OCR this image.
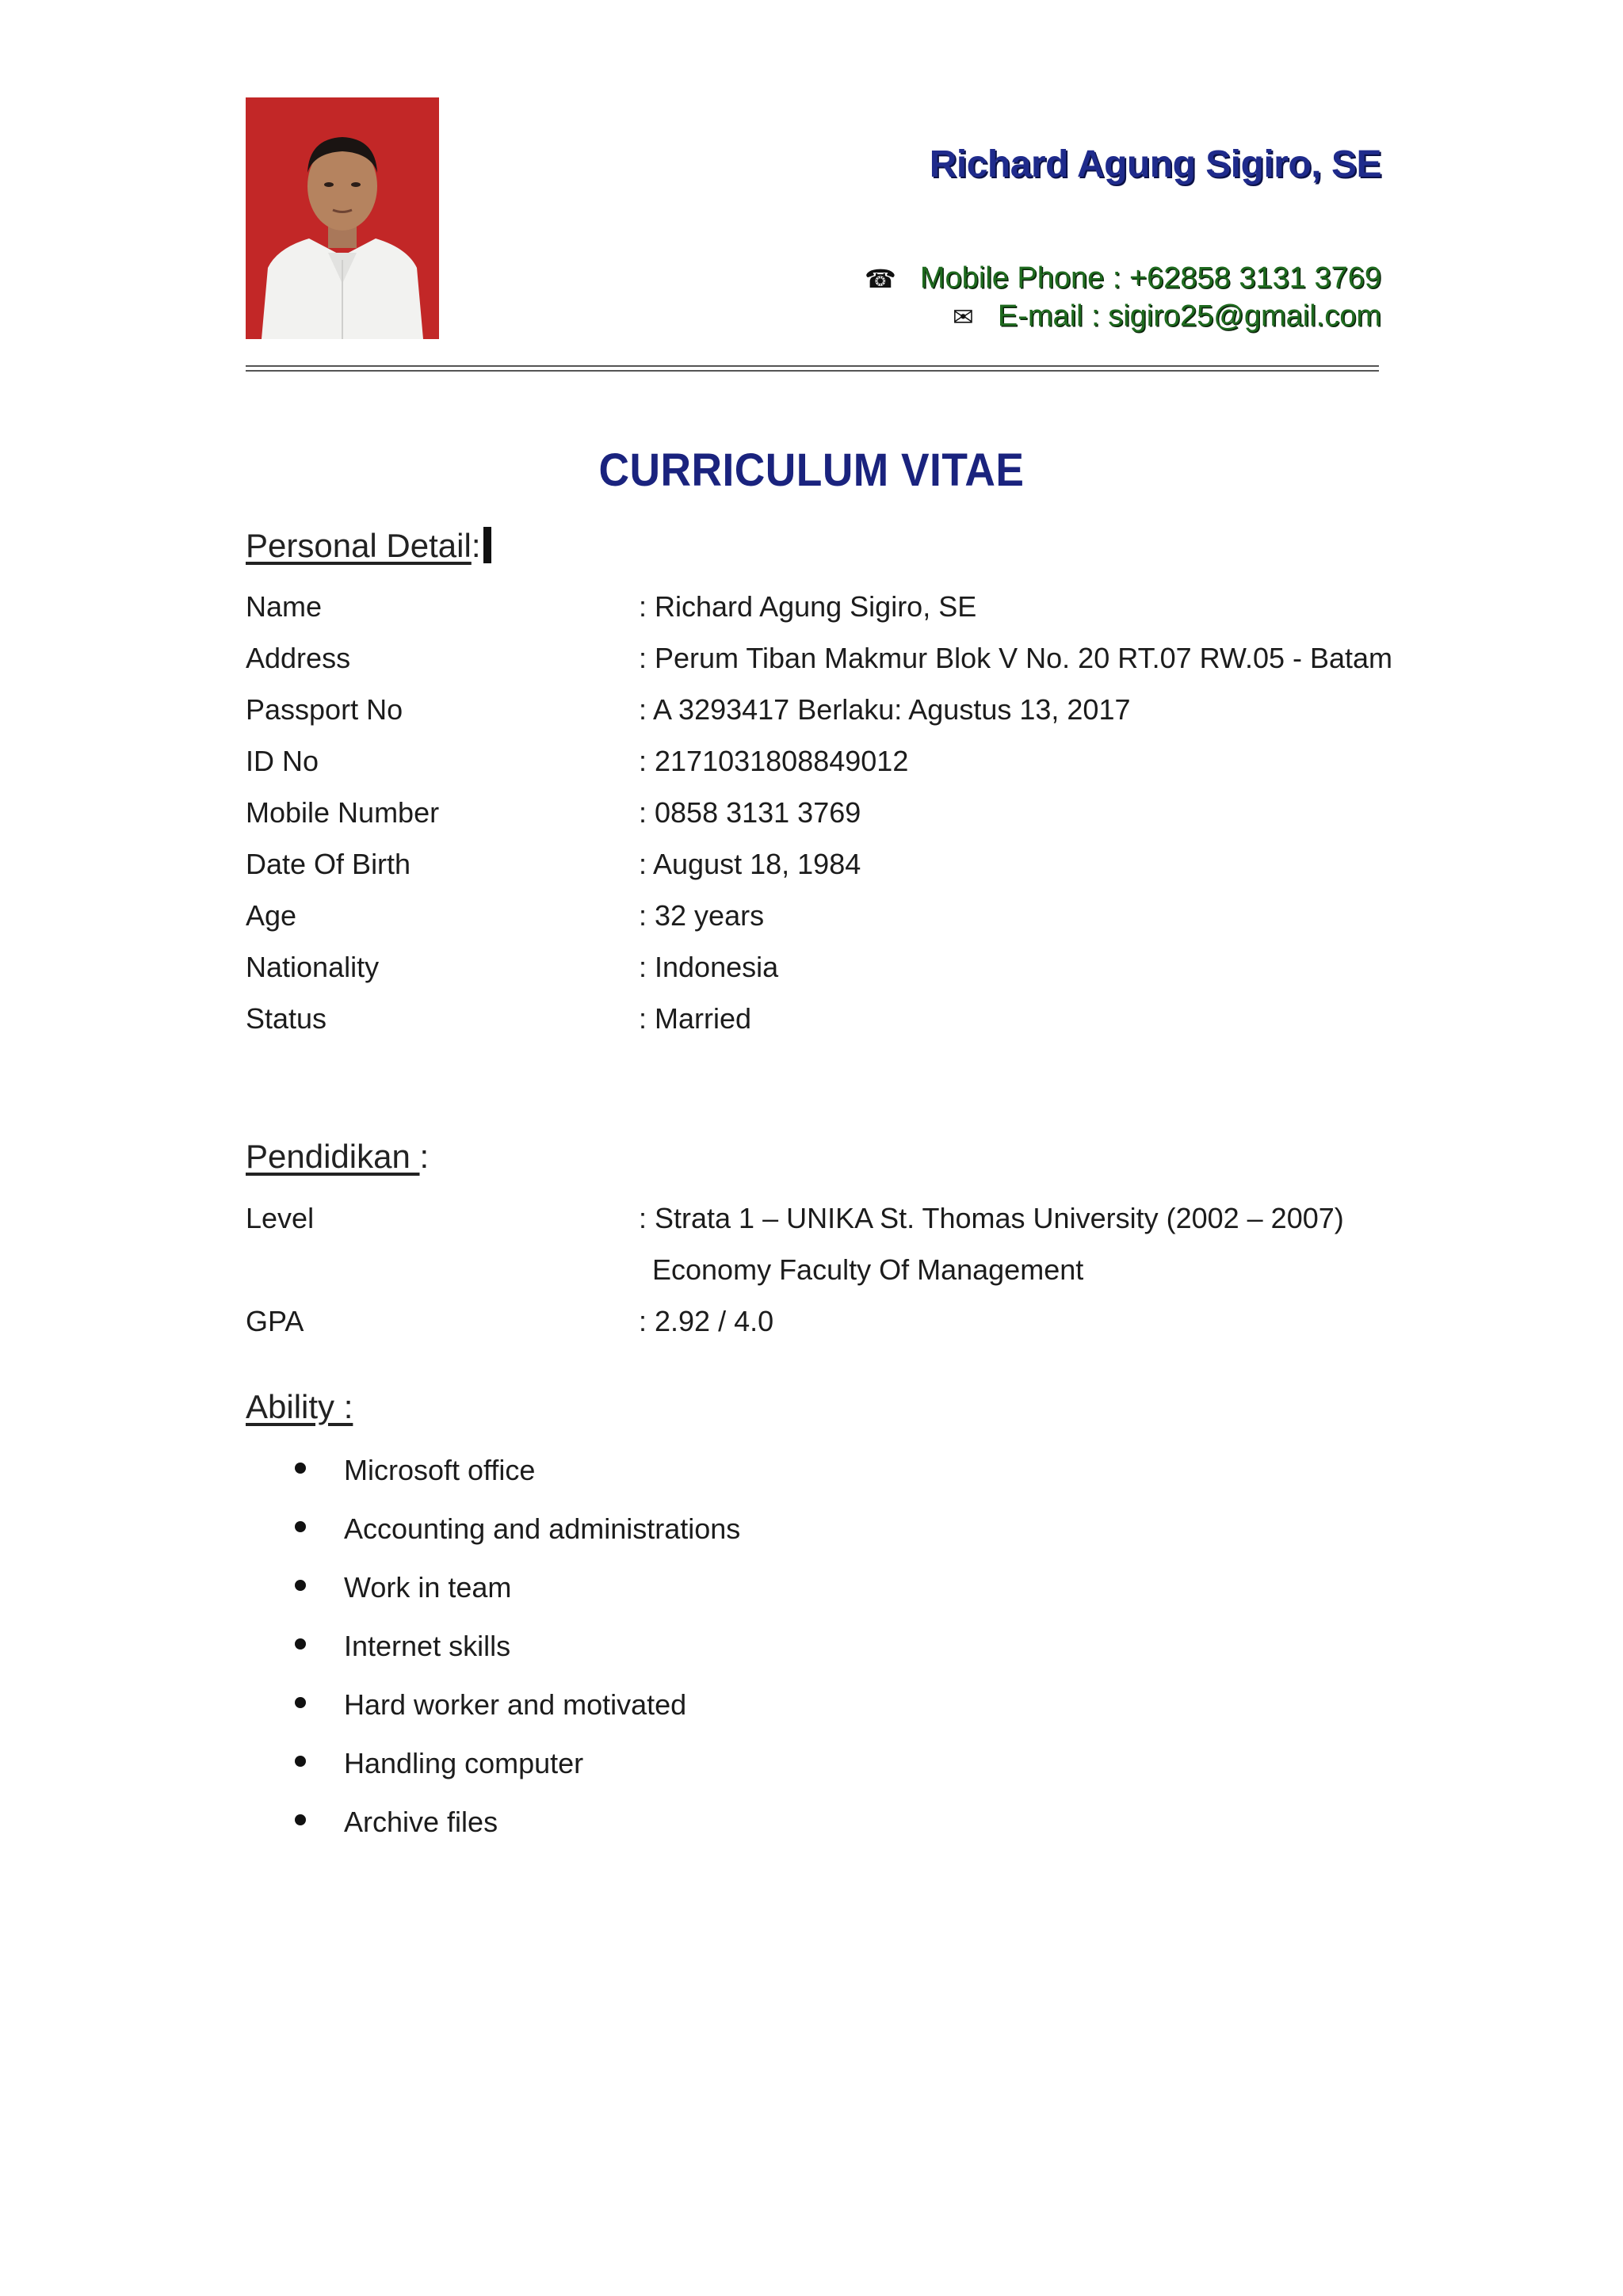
Richard Agung Sigiro, SE
☎ Mobile Phone : +62858 3131 3769
✉ E-mail : sigiro25@gmail.com
CURRICULUM VITAE
Personal Detail:
Name	: Richard Agung Sigiro, SE
Address	: Perum Tiban Makmur Blok V No. 20 RT.07 RW.05 - Batam
Passport No	: A 3293417 Berlaku: Agustus 13, 2017
ID No	: 2171031808849012
Mobile Number	: 0858 3131 3769
Date Of Birth	: August 18, 1984
Age	: 32 years
Nationality	: Indonesia
Status	: Married
Pendidikan :
Level	: Strata 1 – UNIKA St. Thomas University (2002 – 2007)
Economy Faculty Of Management
GPA	: 2.92 / 4.0
Ability :
Microsoft office
Accounting and administrations
Work in team
Internet skills
Hard worker and motivated
Handling computer
Archive files
